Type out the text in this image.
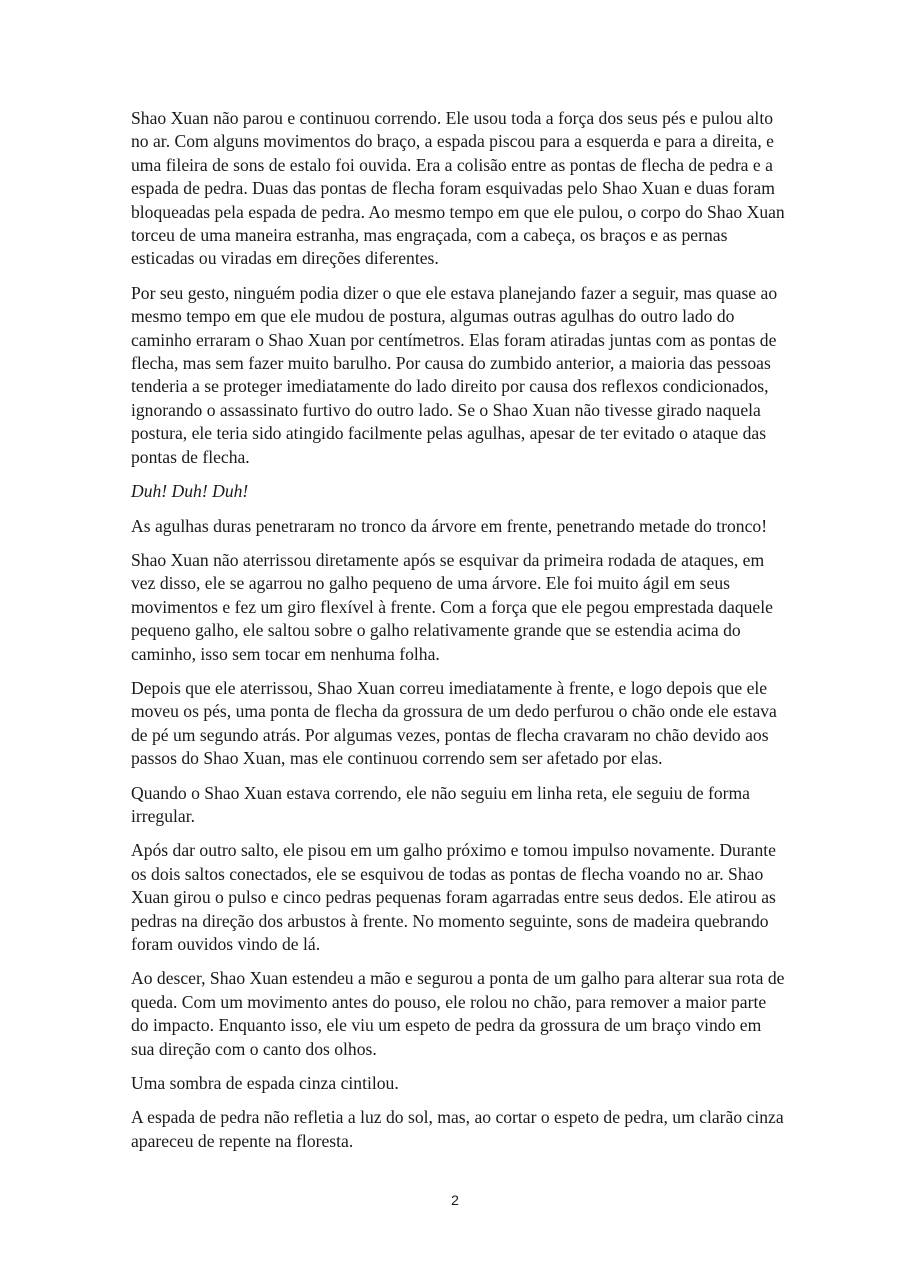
Shao Xuan não parou e continuou correndo. Ele usou toda a força dos seus pés e pulou alto no ar. Com alguns movimentos do braço, a espada piscou para a esquerda e para a direita, e uma fileira de sons de estalo foi ouvida. Era a colisão entre as pontas de flecha de pedra e a espada de pedra. Duas das pontas de flecha foram esquivadas pelo Shao Xuan e duas foram bloqueadas pela espada de pedra. Ao mesmo tempo em que ele pulou, o corpo do Shao Xuan torceu de uma maneira estranha, mas engraçada, com a cabeça, os braços e as pernas esticadas ou viradas em direções diferentes.

Por seu gesto, ninguém podia dizer o que ele estava planejando fazer a seguir, mas quase ao mesmo tempo em que ele mudou de postura, algumas outras agulhas do outro lado do caminho erraram o Shao Xuan por centímetros. Elas foram atiradas juntas com as pontas de flecha, mas sem fazer muito barulho. Por causa do zumbido anterior, a maioria das pessoas tenderia a se proteger imediatamente do lado direito por causa dos reflexos condicionados, ignorando o assassinato furtivo do outro lado. Se o Shao Xuan não tivesse girado naquela postura, ele teria sido atingido facilmente pelas agulhas, apesar de ter evitado o ataque das pontas de flecha.

Duh! Duh! Duh!

As agulhas duras penetraram no tronco da árvore em frente, penetrando metade do tronco!

Shao Xuan não aterrissou diretamente após se esquivar da primeira rodada de ataques, em vez disso, ele se agarrou no galho pequeno de uma árvore. Ele foi muito ágil em seus movimentos e fez um giro flexível à frente. Com a força que ele pegou emprestada daquele pequeno galho, ele saltou sobre o galho relativamente grande que se estendia acima do caminho, isso sem tocar em nenhuma folha.

Depois que ele aterrissou, Shao Xuan correu imediatamente à frente, e logo depois que ele moveu os pés, uma ponta de flecha da grossura de um dedo perfurou o chão onde ele estava de pé um segundo atrás. Por algumas vezes, pontas de flecha cravaram no chão devido aos passos do Shao Xuan, mas ele continuou correndo sem ser afetado por elas.

Quando o Shao Xuan estava correndo, ele não seguiu em linha reta, ele seguiu de forma irregular.

Após dar outro salto, ele pisou em um galho próximo e tomou impulso novamente. Durante os dois saltos conectados, ele se esquivou de todas as pontas de flecha voando no ar. Shao Xuan girou o pulso e cinco pedras pequenas foram agarradas entre seus dedos. Ele atirou as pedras na direção dos arbustos à frente. No momento seguinte, sons de madeira quebrando foram ouvidos vindo de lá.

Ao descer, Shao Xuan estendeu a mão e segurou a ponta de um galho para alterar sua rota de queda. Com um movimento antes do pouso, ele rolou no chão, para remover a maior parte do impacto. Enquanto isso, ele viu um espeto de pedra da grossura de um braço vindo em sua direção com o canto dos olhos.

Uma sombra de espada cinza cintilou.

A espada de pedra não refletia a luz do sol, mas, ao cortar o espeto de pedra, um clarão cinza apareceu de repente na floresta.

2
